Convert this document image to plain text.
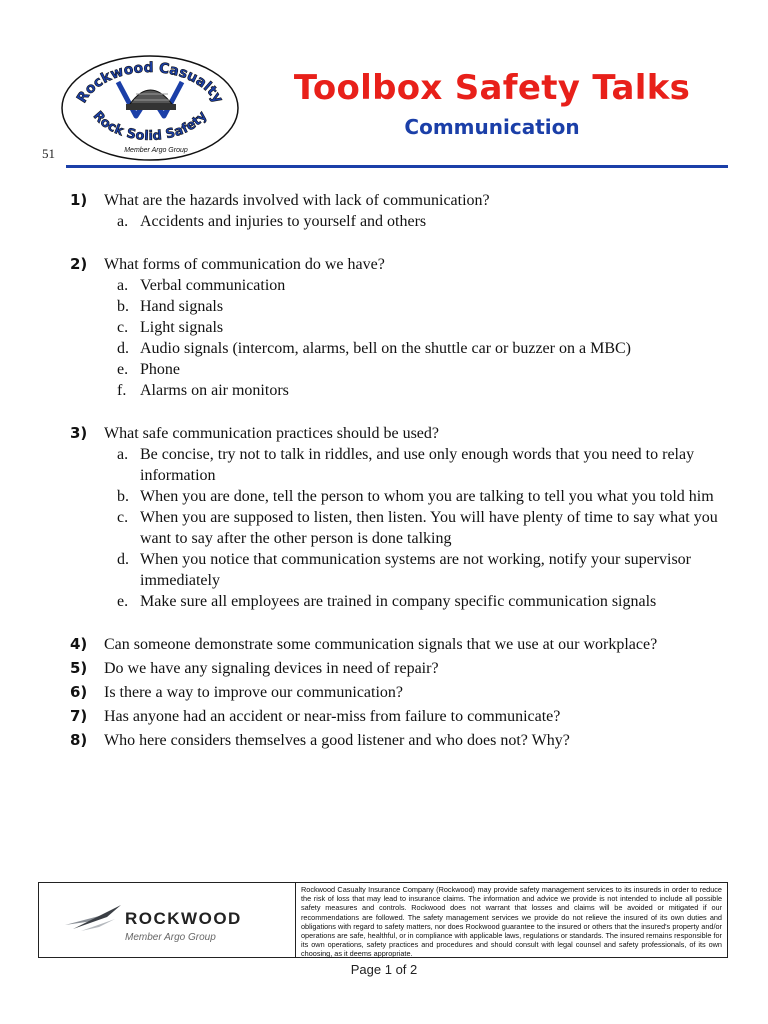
Rockwood Casualty
Rock Solid Safety
Member Argo Group
51
Toolbox Safety Talks
Communication
1)	What are the hazards involved with lack of communication?
a. Accidents and injuries to yourself and others
2)	What forms of communication do we have?
a. Verbal communication
b. Hand signals
c. Light signals
d. Audio signals (intercom, alarms, bell on the shuttle car or buzzer on a MBC)
e. Phone
f. Alarms on air monitors
3)	What safe communication practices should be used?
a. Be concise, try not to talk in riddles, and use only enough words that you need to relay information
b. When you are done, tell the person to whom you are talking to tell you what you told him
c. When you are supposed to listen, then listen. You will have plenty of time to say what you want to say after the other person is done talking
d. When you notice that communication systems are not working, notify your supervisor immediately
e. Make sure all employees are trained in company specific communication signals
4)	Can someone demonstrate some communication signals that we use at our workplace?
5)	Do we have any signaling devices in need of repair?
6)	Is there a way to improve our communication?
7)	Has anyone had an accident or near-miss from failure to communicate?
8)	Who here considers themselves a good listener and who does not? Why?
ROCKWOOD
Member Argo Group
Rockwood Casualty Insurance Company (Rockwood) may provide safety management services to its insureds in order to reduce the risk of loss that may lead to insurance claims. The information and advice we provide is not intended to include all possible safety measures and controls. Rockwood does not warrant that losses and claims will be avoided or mitigated if our recommendations are followed. The safety management services we provide do not relieve the insured of its own duties and obligations with regard to safety matters, nor does Rockwood guarantee to the insured or others that the insured's property and/or operations are safe, healthful, or in compliance with applicable laws, regulations or standards. The insured remains responsible for its own operations, safety practices and procedures and should consult with legal counsel and safety professionals, of its own choosing, as it deems appropriate.
Page 1 of 2
